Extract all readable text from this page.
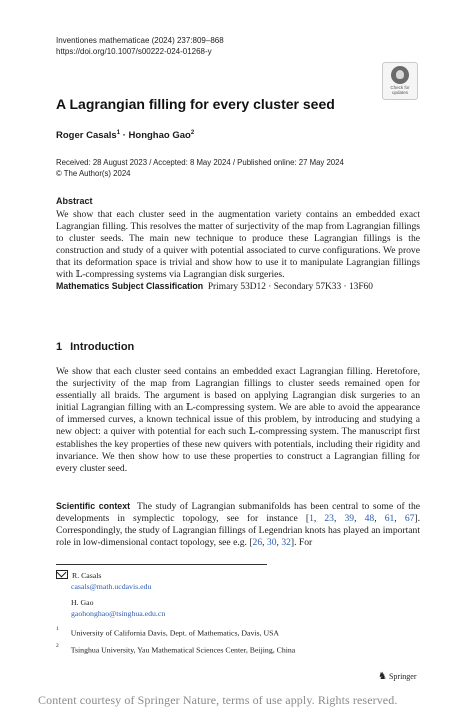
Inventiones mathematicae (2024) 237:809–868
https://doi.org/10.1007/s00222-024-01268-y
Check for
updates
A Lagrangian filling for every cluster seed
Roger Casals$^1$ · Honghao Gao$^2$
Received: 28 August 2023 / Accepted: 8 May 2024 / Published online: 27 May 2024
© The Author(s) 2024
Abstract
We show that each cluster seed in the augmentation variety contains an embedded exact Lagrangian filling. This resolves the matter of surjectivity of the map from Lagrangian fillings to cluster seeds. The main new technique to produce these Lagrangian fillings is the construction and study of a quiver with potential associated to curve configurations. We prove that its deformation space is trivial and show how to use it to manipulate Lagrangian fillings with 𝕃-compressing systems via Lagrangian disk surgeries.
Mathematics Subject Classification Primary 53D12 · Secondary 57K33 · 13F60
1 Introduction
We show that each cluster seed contains an embedded exact Lagrangian filling. Heretofore, the surjectivity of the map from Lagrangian fillings to cluster seeds remained open for essentially all braids. The argument is based on applying Lagrangian disk surgeries to an initial Lagrangian filling with an 𝕃-compressing system. We are able to avoid the appearance of immersed curves, a known technical issue of this problem, by introducing and studying a new object: a quiver with potential for each such 𝕃-compressing system. The manuscript first establishes the key properties of these new quivers with potentials, including their rigidity and invariance. We then show how to use these properties to construct a Lagrangian filling for every cluster seed.
Scientific context The study of Lagrangian submanifolds has been central to some of the developments in symplectic topology, see for instance [1, 23, 39, 48, 61, 67]. Correspondingly, the study of Lagrangian fillings of Legendrian knots has played an important role in low-dimensional contact topology, see e.g. [26, 30, 32]. For
R. Casals
casals@math.ucdavis.edu
H. Gao
gaohonghao@tsinghua.edu.cn
$^1$ University of California Davis, Dept. of Mathematics, Davis, USA
$^2$ Tsinghua University, Yau Mathematical Sciences Center, Beijing, China
♞ Springer
Content courtesy of Springer Nature, terms of use apply. Rights reserved.
